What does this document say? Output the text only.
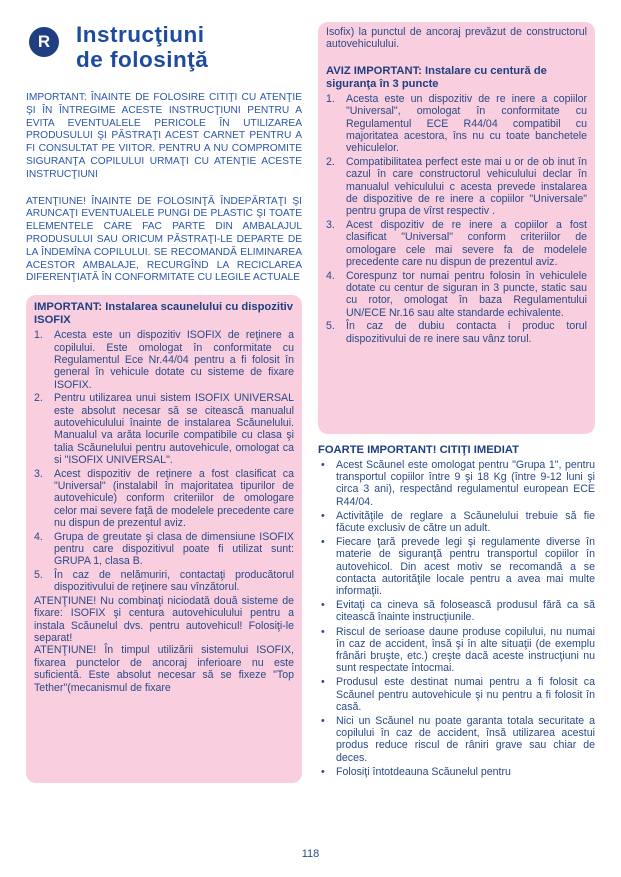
R	Instrucţiuni
de folosinţă

IMPORTANT: ÎNAINTE DE FOLOSIRE CITIŢI CU ATENŢIE ŞI ÎN ÎNTREGIME ACESTE INSTRUCŢIUNI PENTRU A EVITA EVENTUALELE PERICOLE ÎN UTILIZAREA PRODUSULUI ŞI PĂSTRAŢI ACEST CARNET PENTRU A FI CONSULTAT PE VIITOR. PENTRU A NU COMPROMITE SIGURANŢA COPILULUI URMAŢI CU ATENŢIE ACESTE INSTRUCŢIUNI

ATENŢIUNE! ÎNAINTE DE FOLOSINŢĂ ÎNDEPĂRTAŢI ŞI ARUNCAŢI EVENTUALELE PUNGI DE PLASTIC ŞI TOATE ELEMENTELE CARE FAC PARTE DIN AMBALAJUL PRODUSULUI SAU ORICUM PĂSTRAŢI-LE DEPARTE DE LA ÎNDEMÎNA COPILULUI. SE RECOMANDĂ ELIMINAREA ACESTOR AMBALAJE, RECURGÎND LA RECICLAREA DIFERENŢIATĂ ÎN CONFORMITATE CU LEGILE ACTUALE

IMPORTANT: Instalarea scaunelului cu dispozitiv ISOFIX

1. Acesta este un dispozitiv ISOFIX de reţinere a copilului. Este omologat în conformitate cu Regulamentul Ece Nr.44/04 pentru a fi folosit în general în vehicule dotate cu sisteme de fixare ISOFIX.
2. Pentru utilizarea unui sistem ISOFIX UNIVERSAL este absolut necesar să se citească manualul autovehiculului înainte de instalarea Scăunelului. Manualul va arăta locurile compatibile cu clasa şi talia Scăunelului pentru autovehicule, omologat ca si "ISOFIX UNIVERSAL".
3. Acest dispozitiv de reţinere a fost clasificat ca "Universal" (instalabil în majoritatea tipurilor de autovehicule) conform criteriilor de omologare celor mai severe faţă de modelele precedente care nu dispun de prezentul aviz.
4. Grupa de greutate şi clasa de dimensiune ISOFIX pentru care dispozitivul poate fi utilizat sunt: GRUPA 1, clasa B.
5. În caz de nelămuriri, contactaţi producătorul dispozitivului de reţinere sau vînzătorul.

ATENŢIUNE! Nu combinaţi niciodată două sisteme de fixare: ISOFIX şi centura autovehiculului pentru a instala Scăunelul dvs. pentru autovehicul! Folosiţi-le separat!

ATENŢIUNE! În timpul utilizării sistemului ISOFIX, fixarea punctelor de ancoraj inferioare nu este suficientă. Este absolut necesar să se fixeze "Top Tether"(mecanismul de fixare

Isofix) la punctul de ancoraj prevăzut de constructorul autovehiculului.

AVIZ IMPORTANT: Instalare cu centură de siguranţa în 3 puncte

1. Acesta este un dispozitiv de re inere a copiilor "Universal", omologat în conformitate cu Regulamentul ECE R44/04 compatibil cu majoritatea acestora, îns nu cu toate banchetele vehiculelor.
2. Compatibilitatea perfect este mai u or de ob inut în cazul în care constructorul vehiculului declar în manualul vehiculului c acesta prevede instalarea de dispozitive de re inere a copiilor "Universale" pentru grupa de vîrst respectiv .
3. Acest dispozitiv de re inere a copiilor a fost clasificat "Universal" conform criteriilor de omologare cele mai severe fa de modelele precedente care nu dispun de prezentul aviz.
4. Corespunz tor numai pentru folosin în vehiculele dotate cu centur de siguran in 3 puncte, static sau cu rotor, omologat în baza Regulamentului UN/ECE Nr.16 sau alte standarde echivalente.
5. În caz de dubiu contacta i produc torul dispozitivului de re inere sau vânz torul.

FOARTE IMPORTANT! CITIŢI IMEDIAT

• Acest Scăunel este omologat pentru "Grupa 1", pentru transportul copiilor între 9 şi 18 Kg (între 9-12 luni şi circa 3 ani), respectând regulamentul european ECE R44/04.
• Activităţile de reglare a Scăunelului trebuie să fie făcute exclusiv de către un adult.
• Fiecare ţară prevede legi şi regulamente diverse în materie de siguranţă pentru transportul copiilor în autovehicol. Din acest motiv se recomandă a se contacta autorităţile locale pentru a avea mai multe informaţii.
• Evitaţi ca cineva să folosească produsul fără ca să citească înainte instrucţiunile.
• Riscul de serioase daune produse copilului, nu numai în caz de accident, însă şi în alte situaţii (de exemplu frânări bruşte, etc.) creşte dacă aceste instrucţiuni nu sunt respectate întocmai.
• Produsul este destinat numai pentru a fi folosit ca Scăunel pentru autovehicule şi nu pentru a fi folosit în casă.
• Nici un Scăunel nu poate garanta totala securitate a copilului în caz de accident, însă utilizarea acestui produs reduce riscul de râniri grave sau chiar de deces.
• Folosiţi întotdeauna Scăunelul pentru
118
